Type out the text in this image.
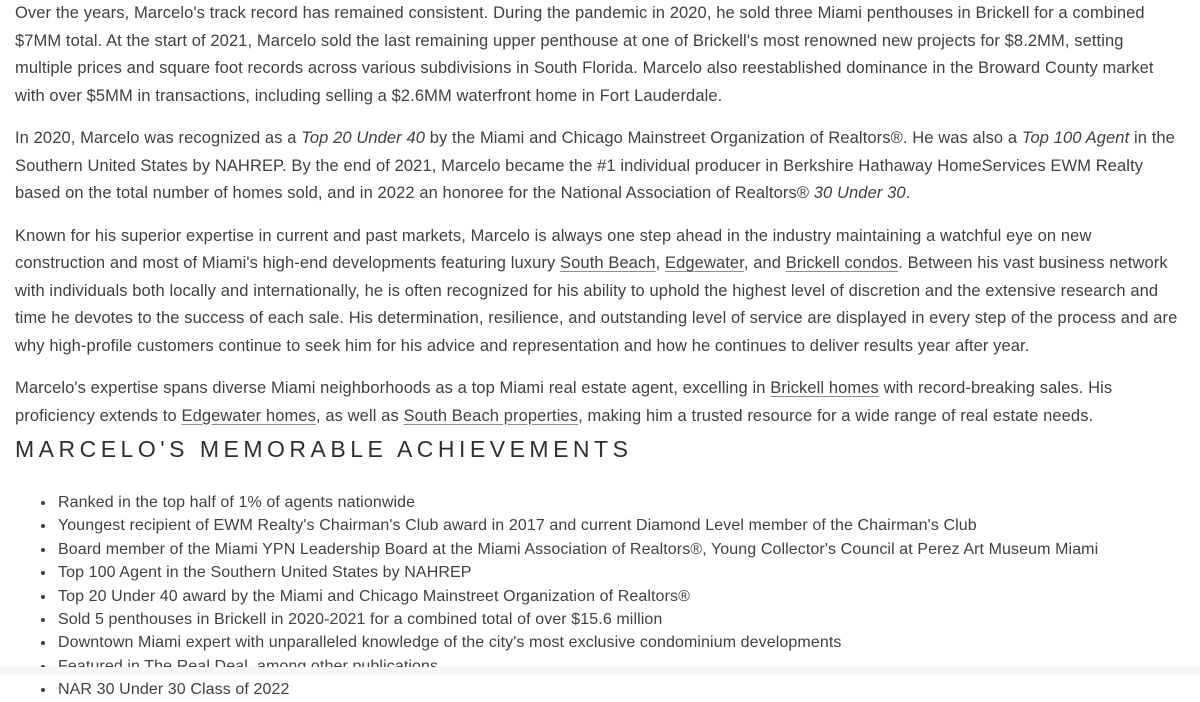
Over the years, Marcelo's track record has remained consistent. During the pandemic in 2020, he sold three Miami penthouses in Brickell for a combined $7MM total. At the start of 2021, Marcelo sold the last remaining upper penthouse at one of Brickell's most renowned new projects for $8.2MM, setting multiple prices and square foot records across various subdivisions in South Florida. Marcelo also reestablished dominance in the Broward County market with over $5MM in transactions, including selling a $2.6MM waterfront home in Fort Lauderdale.

In 2020, Marcelo was recognized as a Top 20 Under 40 by the Miami and Chicago Mainstreet Organization of Realtors®. He was also a Top 100 Agent in the Southern United States by NAHREP. By the end of 2021, Marcelo became the #1 individual producer in Berkshire Hathaway HomeServices EWM Realty based on the total number of homes sold, and in 2022 an honoree for the National Association of Realtors® 30 Under 30.

Known for his superior expertise in current and past markets, Marcelo is always one step ahead in the industry maintaining a watchful eye on new construction and most of Miami's high-end developments featuring luxury South Beach, Edgewater, and Brickell condos. Between his vast business network with individuals both locally and internationally, he is often recognized for his ability to uphold the highest level of discretion and the extensive research and time he devotes to the success of each sale. His determination, resilience, and outstanding level of service are displayed in every step of the process and are why high-profile customers continue to seek him for his advice and representation and how he continues to deliver results year after year.

Marcelo's expertise spans diverse Miami neighborhoods as a top Miami real estate agent, excelling in Brickell homes with record-breaking sales. His proficiency extends to Edgewater homes, as well as South Beach properties, making him a trusted resource for a wide range of real estate needs.

MARCELO'S MEMORABLE ACHIEVEMENTS
• Ranked in the top half of 1% of agents nationwide
• Youngest recipient of EWM Realty's Chairman's Club award in 2017 and current Diamond Level member of the Chairman's Club
• Board member of the Miami YPN Leadership Board at the Miami Association of Realtors®, Young Collector's Council at Perez Art Museum Miami
• Top 100 Agent in the Southern United States by NAHREP
• Top 20 Under 40 award by the Miami and Chicago Mainstreet Organization of Realtors®
• Sold 5 penthouses in Brickell in 2020-2021 for a combined total of over $15.6 million
• Downtown Miami expert with unparalleled knowledge of the city's most exclusive condominium developments
•
• NAR 30 Under 30 Class of 2022
